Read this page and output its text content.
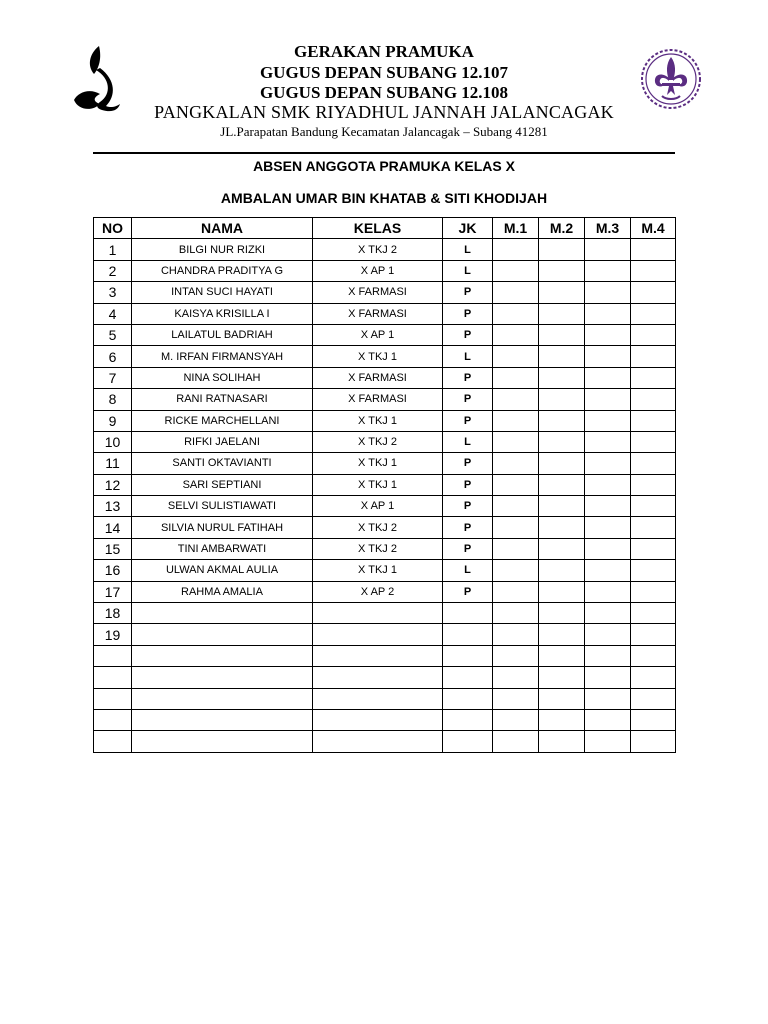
GERAKAN PRAMUKA
GUGUS DEPAN SUBANG 12.107
GUGUS DEPAN SUBANG 12.108
PANGKALAN SMK RIYADHUL JANNAH JALANCAGAK
JL.Parapatan Bandung Kecamatan Jalancagak – Subang 41281
ABSEN ANGGOTA PRAMUKA KELAS X
AMBALAN UMAR BIN KHATAB & SITI KHODIJAH
NO	NAMA	KELAS	JK	M.1	M.2	M.3	M.4
1	BILGI NUR RIZKI	X TKJ 2	L				
2	CHANDRA PRADITYA G	X AP 1	L				
3	INTAN SUCI HAYATI	X FARMASI	P				
4	KAISYA KRISILLA I	X FARMASI	P				
5	LAILATUL BADRIAH	X AP 1	P				
6	M. IRFAN FIRMANSYAH	X TKJ 1	L				
7	NINA SOLIHAH	X FARMASI	P				
8	RANI RATNASARI	X FARMASI	P				
9	RICKE MARCHELLANI	X TKJ 1	P				
10	RIFKI JAELANI	X TKJ 2	L				
11	SANTI OKTAVIANTI	X TKJ 1	P				
12	SARI SEPTIANI	X TKJ 1	P				
13	SELVI SULISTIAWATI	X AP 1	P				
14	SILVIA NURUL FATIHAH	X TKJ 2	P				
15	TINI AMBARWATI	X TKJ 2	P				
16	ULWAN AKMAL AULIA	X TKJ 1	L				
17	RAHMA AMALIA	X AP 2	P				
18							
19							
